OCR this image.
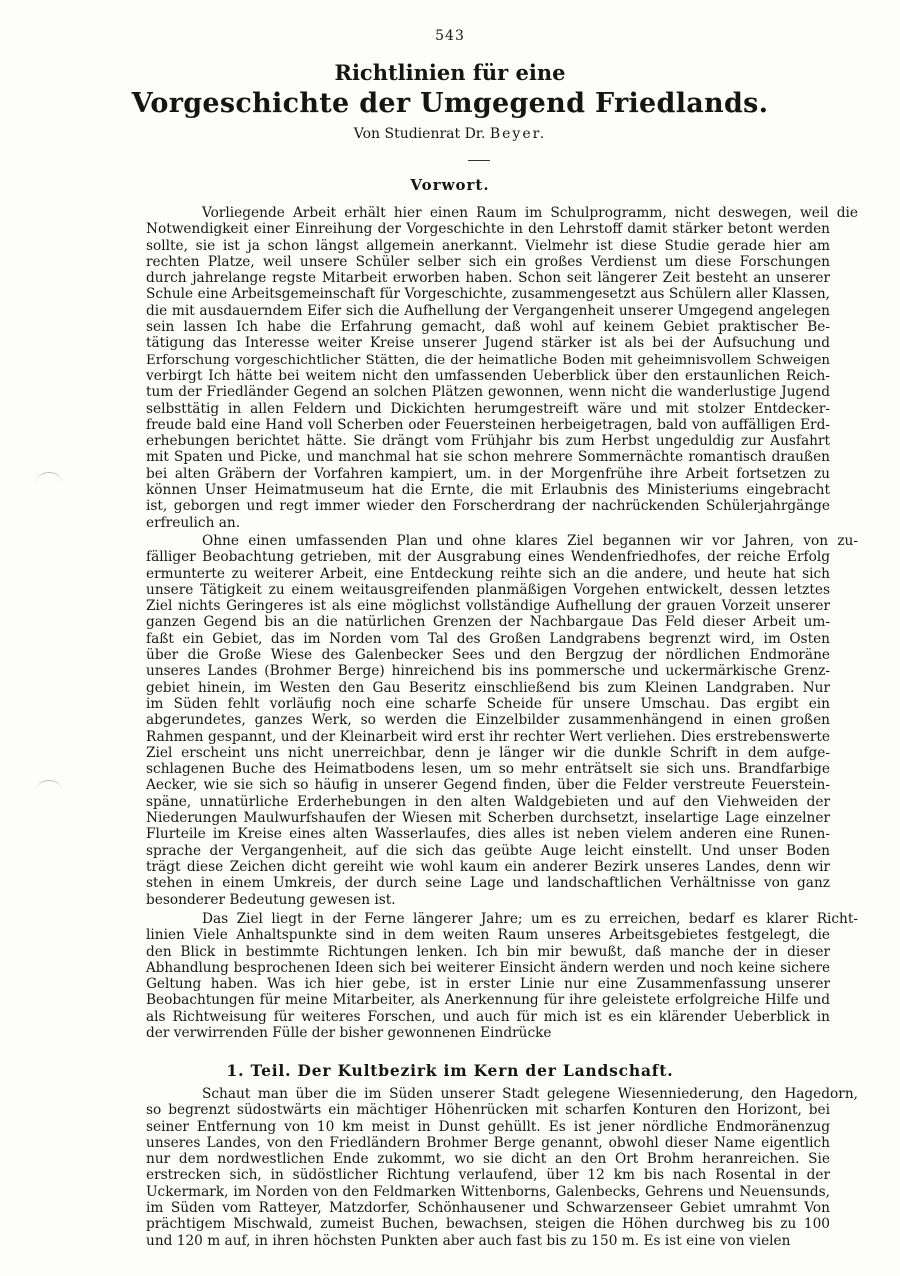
543
Richtlinien für eine
Vorgeschichte der Umgegend Friedlands.
Von Studienrat Dr. Beyer.
Vorwort.
Vorliegende Arbeit erhält hier einen Raum im Schulprogramm, nicht deswegen, weil die
Notwendigkeit einer Einreihung der Vorgeschichte in den Lehrstoff damit stärker betont werden
sollte, sie ist ja schon längst allgemein anerkannt. Vielmehr ist diese Studie gerade hier am
rechten Platze, weil unsere Schüler selber sich ein großes Verdienst um diese Forschungen
durch jahrelange regste Mitarbeit erworben haben. Schon seit längerer Zeit besteht an unserer
Schule eine Arbeitsgemeinschaft für Vorgeschichte, zusammengesetzt aus Schülern aller Klassen,
die mit ausdauerndem Eifer sich die Aufhellung der Vergangenheit unserer Umgegend angelegen
sein lassen Ich habe die Erfahrung gemacht, daß wohl auf keinem Gebiet praktischer Be-
tätigung das Interesse weiter Kreise unserer Jugend stärker ist als bei der Aufsuchung und
Erforschung vorgeschichtlicher Stätten, die der heimatliche Boden mit geheimnisvollem Schweigen
verbirgt Ich hätte bei weitem nicht den umfassenden Ueberblick über den erstaunlichen Reich-
tum der Friedländer Gegend an solchen Plätzen gewonnen, wenn nicht die wanderlustige Jugend
selbsttätig in allen Feldern und Dickichten herumgestreift wäre und mit stolzer Entdecker-
freude bald eine Hand voll Scherben oder Feuersteinen herbeigetragen, bald von auffälligen Erd-
erhebungen berichtet hätte. Sie drängt vom Frühjahr bis zum Herbst ungeduldig zur Ausfahrt
mit Spaten und Picke, und manchmal hat sie schon mehrere Sommernächte romantisch draußen
bei alten Gräbern der Vorfahren kampiert, um. in der Morgenfrühe ihre Arbeit fortsetzen zu
können Unser Heimatmuseum hat die Ernte, die mit Erlaubnis des Ministeriums eingebracht
ist, geborgen und regt immer wieder den Forscherdrang der nachrückenden Schülerjahrgänge
erfreulich an.
Ohne einen umfassenden Plan und ohne klares Ziel begannen wir vor Jahren, von zu-
fälliger Beobachtung getrieben, mit der Ausgrabung eines Wendenfriedhofes, der reiche Erfolg
ermunterte zu weiterer Arbeit, eine Entdeckung reihte sich an die andere, und heute hat sich
unsere Tätigkeit zu einem weitausgreifenden planmäßigen Vorgehen entwickelt, dessen letztes
Ziel nichts Geringeres ist als eine möglichst vollständige Aufhellung der grauen Vorzeit unserer
ganzen Gegend bis an die natürlichen Grenzen der Nachbargaue Das Feld dieser Arbeit um-
faßt ein Gebiet, das im Norden vom Tal des Großen Landgrabens begrenzt wird, im Osten
über die Große Wiese des Galenbecker Sees und den Bergzug der nördlichen Endmoräne
unseres Landes (Brohmer Berge) hinreichend bis ins pommersche und uckermärkische Grenz-
gebiet hinein, im Westen den Gau Beseritz einschließend bis zum Kleinen Landgraben. Nur
im Süden fehlt vorläufig noch eine scharfe Scheide für unsere Umschau. Das ergibt ein
abgerundetes, ganzes Werk, so werden die Einzelbilder zusammenhängend in einen großen
Rahmen gespannt, und der Kleinarbeit wird erst ihr rechter Wert verliehen. Dies erstrebenswerte
Ziel erscheint uns nicht unerreichbar, denn je länger wir die dunkle Schrift in dem aufge-
schlagenen Buche des Heimatbodens lesen, um so mehr enträtselt sie sich uns. Brandfarbige
Aecker, wie sie sich so häufig in unserer Gegend finden, über die Felder verstreute Feuerstein-
späne, unnatürliche Erderhebungen in den alten Waldgebieten und auf den Viehweiden der
Niederungen Maulwurfshaufen der Wiesen mit Scherben durchsetzt, inselartige Lage einzelner
Flurteile im Kreise eines alten Wasserlaufes, dies alles ist neben vielem anderen eine Runen-
sprache der Vergangenheit, auf die sich das geübte Auge leicht einstellt. Und unser Boden
trägt diese Zeichen dicht gereiht wie wohl kaum ein anderer Bezirk unseres Landes, denn wir
stehen in einem Umkreis, der durch seine Lage und landschaftlichen Verhältnisse von ganz
besonderer Bedeutung gewesen ist.
Das Ziel liegt in der Ferne längerer Jahre; um es zu erreichen, bedarf es klarer Richt-
linien Viele Anhaltspunkte sind in dem weiten Raum unseres Arbeitsgebietes festgelegt, die
den Blick in bestimmte Richtungen lenken. Ich bin mir bewußt, daß manche der in dieser
Abhandlung besprochenen Ideen sich bei weiterer Einsicht ändern werden und noch keine sichere
Geltung haben. Was ich hier gebe, ist in erster Linie nur eine Zusammenfassung unserer
Beobachtungen für meine Mitarbeiter, als Anerkennung für ihre geleistete erfolgreiche Hilfe und
als Richtweisung für weiteres Forschen, und auch für mich ist es ein klärender Ueberblick in
der verwirrenden Fülle der bisher gewonnenen Eindrücke
1. Teil. Der Kultbezirk im Kern der Landschaft.
Schaut man über die im Süden unserer Stadt gelegene Wiesenniederung, den Hagedorn,
so begrenzt südostwärts ein mächtiger Höhenrücken mit scharfen Konturen den Horizont, bei
seiner Entfernung von 10 km meist in Dunst gehüllt. Es ist jener nördliche Endmoränenzug
unseres Landes, von den Friedländern Brohmer Berge genannt, obwohl dieser Name eigentlich
nur dem nordwestlichen Ende zukommt, wo sie dicht an den Ort Brohm heranreichen. Sie
erstrecken sich, in südöstlicher Richtung verlaufend, über 12 km bis nach Rosental in der
Uckermark, im Norden von den Feldmarken Wittenborns, Galenbecks, Gehrens und Neuensunds,
im Süden vom Ratteyer, Matzdorfer, Schönhausener und Schwarzenseer Gebiet umrahmt Von
prächtigem Mischwald, zumeist Buchen, bewachsen, steigen die Höhen durchweg bis zu 100
und 120 m auf, in ihren höchsten Punkten aber auch fast bis zu 150 m. Es ist eine von vielen
